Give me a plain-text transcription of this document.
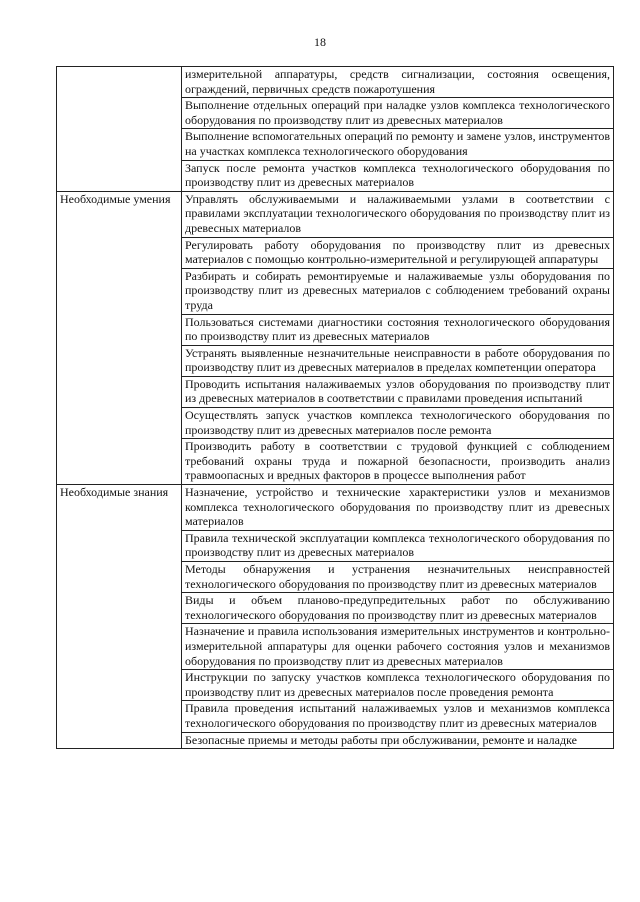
18
	измерительной аппаратуры, средств сигнализации, состояния освещения, ограждений, первичных средств пожаротушения
	Выполнение отдельных операций при наладке узлов комплекса технологического оборудования по производству плит из древесных материалов
	Выполнение вспомогательных операций по ремонту и замене узлов, инструментов на участках комплекса технологического оборудования
	Запуск после ремонта участков комплекса технологического оборудования по производству плит из древесных материалов
Необходимые умения	Управлять обслуживаемыми и налаживаемыми узлами в соответствии с правилами эксплуатации технологического оборудования по производству плит из древесных материалов
	Регулировать работу оборудования по производству плит из древесных материалов с помощью контрольно-измерительной и регулирующей аппаратуры
	Разбирать и собирать ремонтируемые и налаживаемые узлы оборудования по производству плит из древесных материалов с соблюдением требований охраны труда
	Пользоваться системами диагностики состояния технологического оборудования по производству плит из древесных материалов
	Устранять выявленные незначительные неисправности в работе оборудования по производству плит из древесных материалов в пределах компетенции оператора
	Проводить испытания налаживаемых узлов оборудования по производству плит из древесных материалов в соответствии с правилами проведения испытаний
	Осуществлять запуск участков комплекса технологического оборудования по производству плит из древесных материалов после ремонта
	Производить работу в соответствии с трудовой функцией с соблюдением требований охраны труда и пожарной безопасности, производить анализ травмоопасных и вредных факторов в процессе выполнения работ
Необходимые знания	Назначение, устройство и технические характеристики узлов и механизмов комплекса технологического оборудования по производству плит из древесных материалов
	Правила технической эксплуатации комплекса технологического оборудования по производству плит из древесных материалов
	Методы обнаружения и устранения незначительных неисправностей технологического оборудования по производству плит из древесных материалов
	Виды и объем планово-предупредительных работ по обслуживанию технологического оборудования по производству плит из древесных материалов
	Назначение и правила использования измерительных инструментов и контрольно-измерительной аппаратуры для оценки рабочего состояния узлов и механизмов оборудования по производству плит из древесных материалов
	Инструкции по запуску участков комплекса технологического оборудования по производству плит из древесных материалов после проведения ремонта
	Правила проведения испытаний налаживаемых узлов и механизмов комплекса технологического оборудования по производству плит из древесных материалов
	Безопасные приемы и методы работы при обслуживании, ремонте и наладке
